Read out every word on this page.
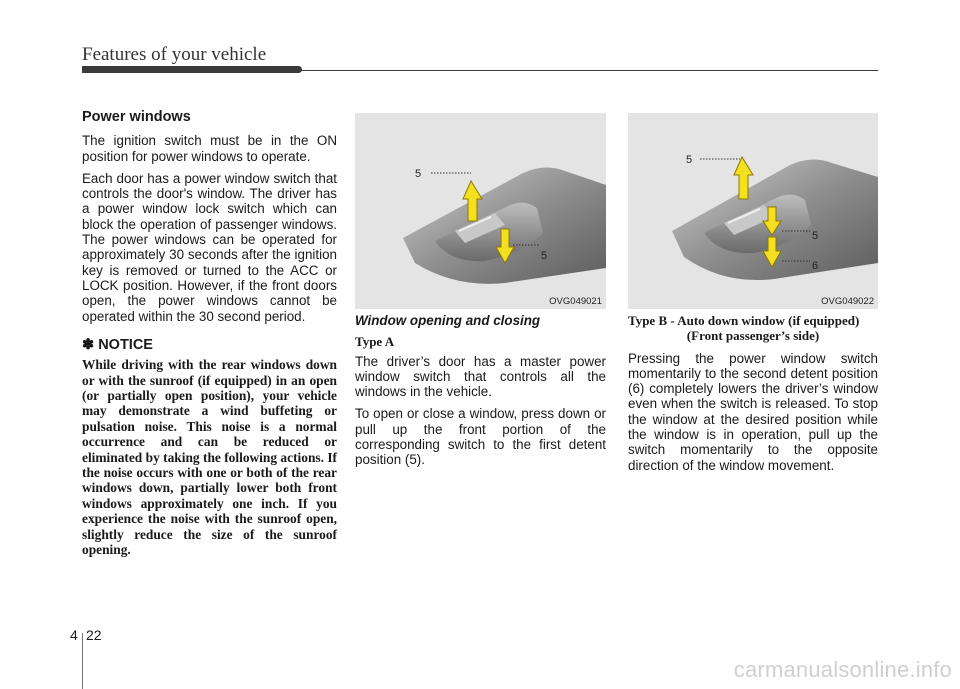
Features of your vehicle
Power windows

The ignition switch must be in the ON position for power windows to operate.

Each door has a power window switch that controls the door's window. The driver has a power window lock switch which can block the operation of passenger windows. The power windows can be operated for approximately 30 seconds after the ignition key is removed or turned to the ACC or LOCK position. However, if the front doors open, the power windows cannot be operated within the 30 second period.

✽ NOTICE

While driving with the rear windows down or with the sunroof (if equipped) in an open (or partially open position), your vehicle may demonstrate a wind buffeting or pulsation noise. This noise is a normal occurrence and can be reduced or eliminated by taking the following actions. If the noise occurs with one or both of the rear windows down, partially lower both front windows approximately one inch. If you experience the noise with the sunroof open, slightly reduce the size of the sunroof opening.

5
5
OVG049021
5
5
6
OVG049022
Window opening and closing
Type A

The driver’s door has a master power window switch that controls all the windows in the vehicle.

To open or close a window, press down or pull up the front portion of the corresponding switch to the first detent position (5).

Type B - Auto down window (if equipped)
(Front passenger’s side)

Pressing the power window switch momentarily to the second detent position (6) completely lowers the driver’s window even when the switch is released. To stop the window at the desired position while the window is in operation, pull up the switch momentarily to the opposite direction of the window movement.

4 22
carmanualsonline.info
